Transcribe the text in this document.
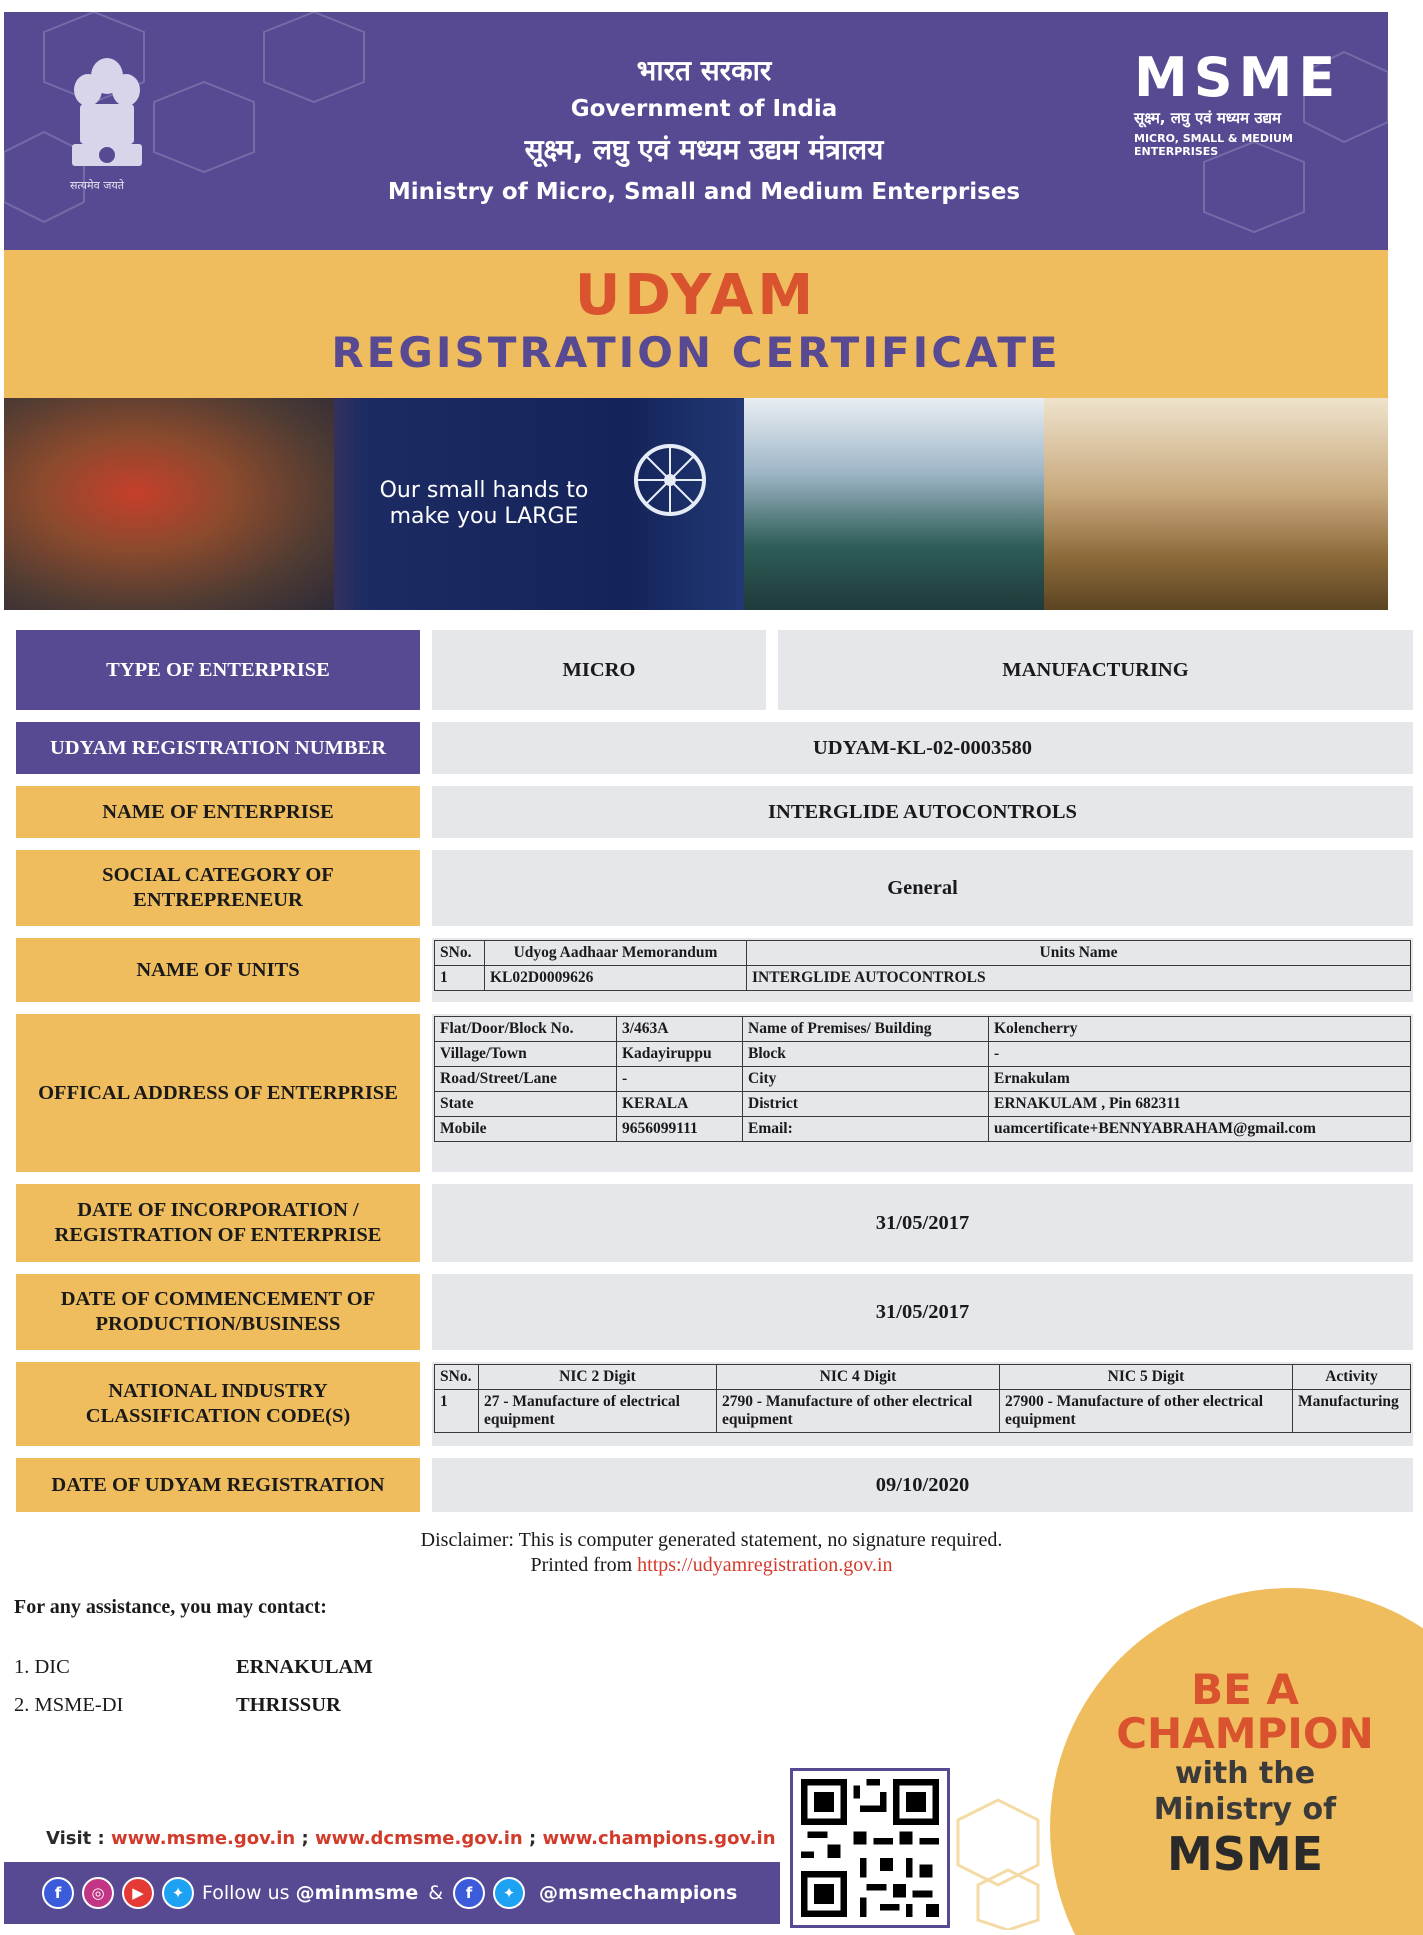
सत्यमेव जयते
भारत सरकार
Government of India
सूक्ष्म, लघु एवं मध्यम उद्यम मंत्रालय
Ministry of Micro, Small and Medium Enterprises
MSME
सूक्ष्म, लघु एवं मध्यम उद्यम
MICRO, SMALL & MEDIUM ENTERPRISES
UDYAM
REGISTRATION CERTIFICATE
Our small hands to
make you LARGE
TYPE OF ENTERPRISE	MICRO	MANUFACTURING
UDYAM REGISTRATION NUMBER	UDYAM-KL-02-0003580
NAME OF ENTERPRISE	INTERGLIDE AUTOCONTROLS
SOCIAL CATEGORY OF ENTREPRENEUR
General
NAME OF UNITS
SNo.	Udyog Aadhaar Memorandum	Units Name
1	KL02D0009626	INTERGLIDE AUTOCONTROLS
OFFICAL ADDRESS OF ENTERPRISE
Flat/Door/Block No.	3/463A	Name of Premises/ Building	Kolencherry
Village/Town	Kadayiruppu	Block	-
Road/Street/Lane	-	City	Ernakulam
State	KERALA	District	ERNAKULAM , Pin 682311
Mobile	9656099111	Email:	uamcertificate+BENNYABRAHAM@gmail.com
DATE OF INCORPORATION / REGISTRATION OF ENTERPRISE
31/05/2017
DATE OF COMMENCEMENT OF PRODUCTION/BUSINESS
31/05/2017
NATIONAL INDUSTRY CLASSIFICATION CODE(S)
SNo.	NIC 2 Digit	NIC 4 Digit	NIC 5 Digit	Activity
1	27 - Manufacture of electrical equipment	2790 - Manufacture of other electrical equipment	27900 - Manufacture of other electrical equipment	Manufacturing
DATE OF UDYAM REGISTRATION	09/10/2020
Disclaimer: This is computer generated statement, no signature required.
Printed from https://udyamregistration.gov.in
For any assistance, you may contact:
1. DIC	ERNAKULAM
2. MSME-DI	THRISSUR	BE A
CHAMPION
with the
Ministry of
MSME
Visit : www.msme.gov.in ; www.dcmsme.gov.in ; www.champions.gov.in
f	◎	▶	✦ Follow us @minmsme &	f	✦	@msmechampions
